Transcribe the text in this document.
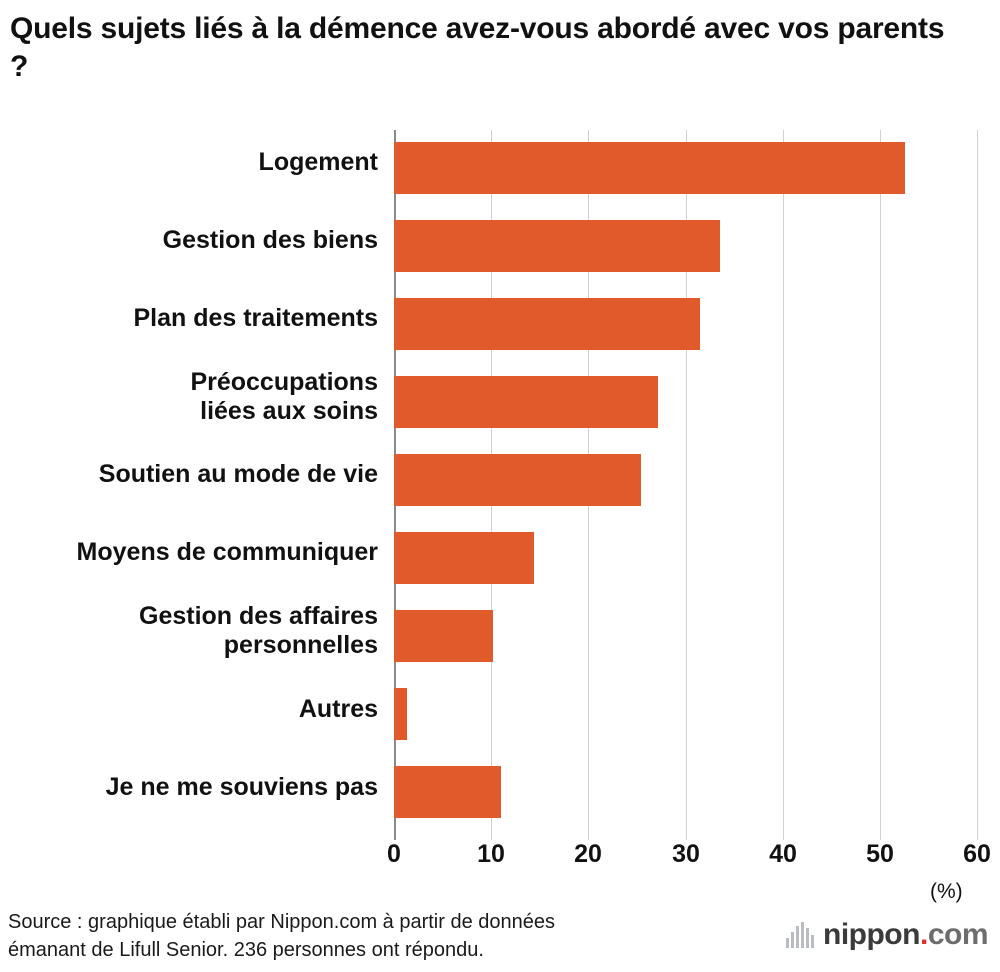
Quels sujets liés à la démence avez-vous abordé avec vos parents ?
Logement
Gestion des biens
Plan des traitements
Préoccupations
liées aux soins
Soutien au mode de vie
Moyens de communiquer
Gestion des affaires
personnelles
Autres
Je ne me souviens pas
0	10	20	30	40	50	60
(%)
Source : graphique établi par Nippon.com à partir de données
émanant de Lifull Senior. 236 personnes ont répondu.	nippon.com
